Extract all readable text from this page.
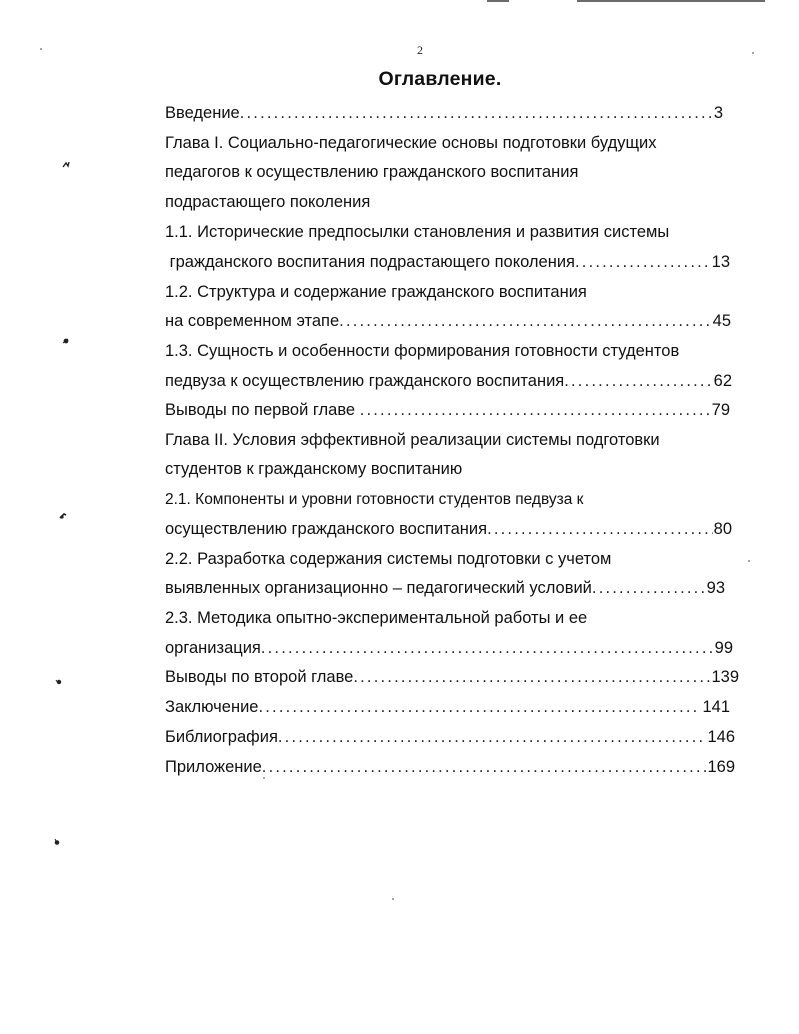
2
Оглавление.
Введение .....	3
Глава I. Социально-педагогические основы подготовки будущих
педагогов к осуществлению гражданского воспитания
подрастающего поколения
1.1. Исторические предпосылки становления и развития системы
гражданского воспитания подрастающего поколения .....	13
1.2. Структура и содержание гражданского воспитания
на современном этапе .....	45
1.3. Сущность и особенности формирования готовности студентов
педвуза к осуществлению гражданского воспитания .....	62
Выводы по первой главе .....	79
Глава II. Условия эффективной реализации системы подготовки
студентов к гражданскому воспитанию
2.1. Компоненты и уровни готовности студентов педвуза к
осуществлению гражданского воспитания .....	80
2.2. Разработка содержания системы подготовки с учетом
выявленных организационно – педагогический условий .....	93
2.3. Методика опытно-экспериментальной работы и ее
организация .....	99
Выводы по второй главе .....	139
Заключение .....	141
Библиография .....	146
Приложение .....	169
